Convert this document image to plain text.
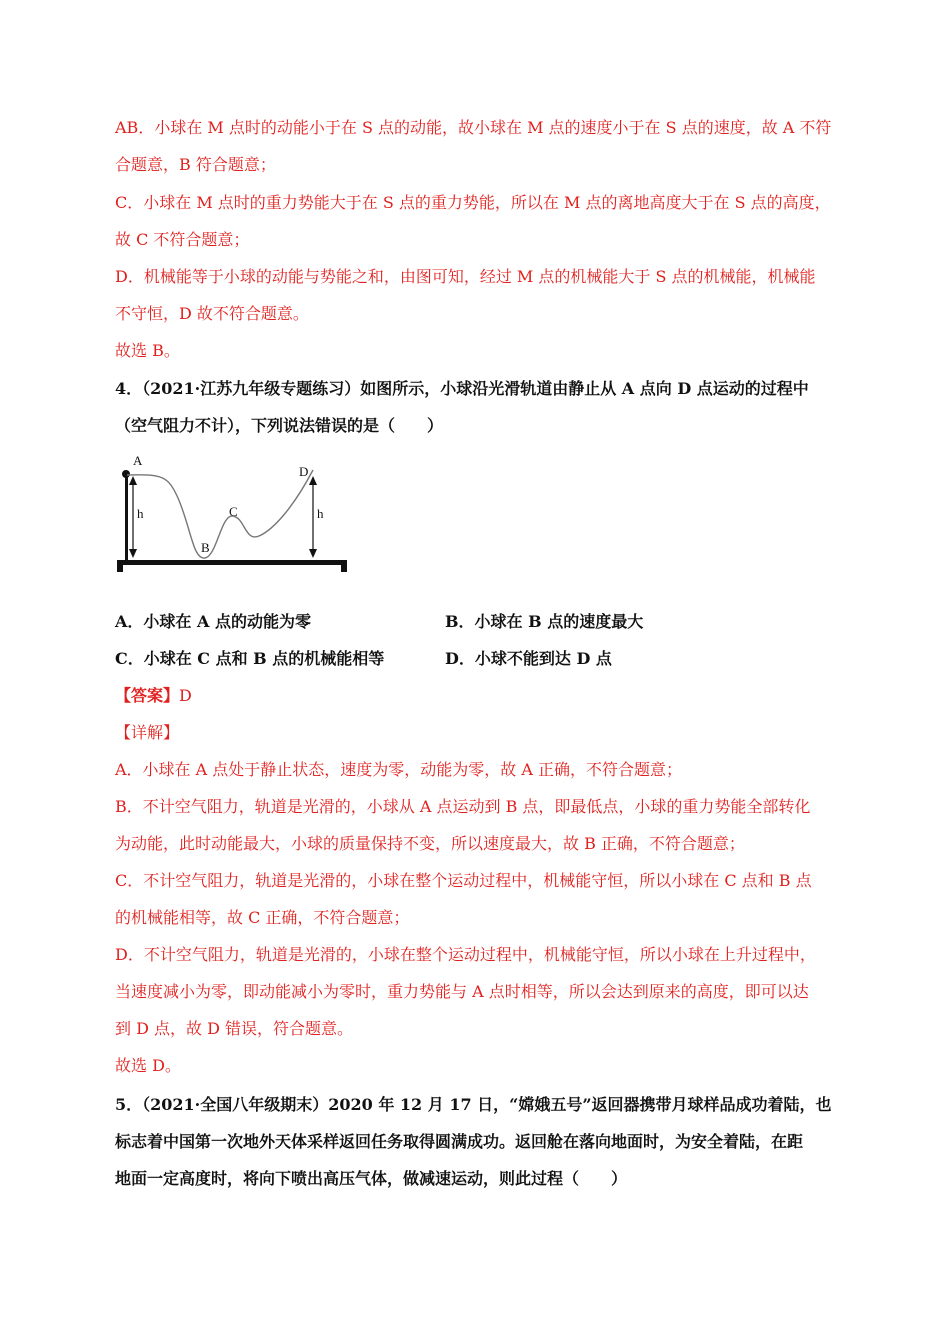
AB．小球在 M 点时的动能小于在 S 点的动能，故小球在 M 点的速度小于在 S 点的速度，故 A 不符
合题意，B 符合题意；
C．小球在 M 点时的重力势能大于在 S 点的重力势能，所以在 M 点的离地高度大于在 S 点的高度，
故 C 不符合题意；
D．机械能等于小球的动能与势能之和，由图可知，经过 M 点的机械能大于 S 点的机械能，机械能
不守恒，D 故不符合题意。
故选 B。
4．（2021·江苏九年级专题练习）如图所示，小球沿光滑轨道由静止从 A 点向 D 点运动的过程中
（空气阻力不计），下列说法错误的是（　　）
A
B
C
D
h	h
A．小球在 A 点的动能为零	B．小球在 B 点的速度最大
C．小球在 C 点和 B 点的机械能相等	D．小球不能到达 D 点
【答案】D
【详解】
A．小球在 A 点处于静止状态，速度为零，动能为零，故 A 正确，不符合题意；
B．不计空气阻力，轨道是光滑的，小球从 A 点运动到 B 点，即最低点，小球的重力势能全部转化
为动能，此时动能最大，小球的质量保持不变，所以速度最大，故 B 正确，不符合题意；
C．不计空气阻力，轨道是光滑的，小球在整个运动过程中，机械能守恒，所以小球在 C 点和 B 点
的机械能相等，故 C 正确，不符合题意；
D．不计空气阻力，轨道是光滑的，小球在整个运动过程中，机械能守恒，所以小球在上升过程中，
当速度减小为零，即动能减小为零时，重力势能与 A 点时相等，所以会达到原来的高度，即可以达
到 D 点，故 D 错误，符合题意。
故选 D。
5．（2021·全国八年级期末）2020 年 12 月 17 日，“嫦娥五号”返回器携带月球样品成功着陆，也
标志着中国第一次地外天体采样返回任务取得圆满成功。返回舱在落向地面时，为安全着陆，在距
地面一定高度时，将向下喷出高压气体，做减速运动，则此过程（　　）
